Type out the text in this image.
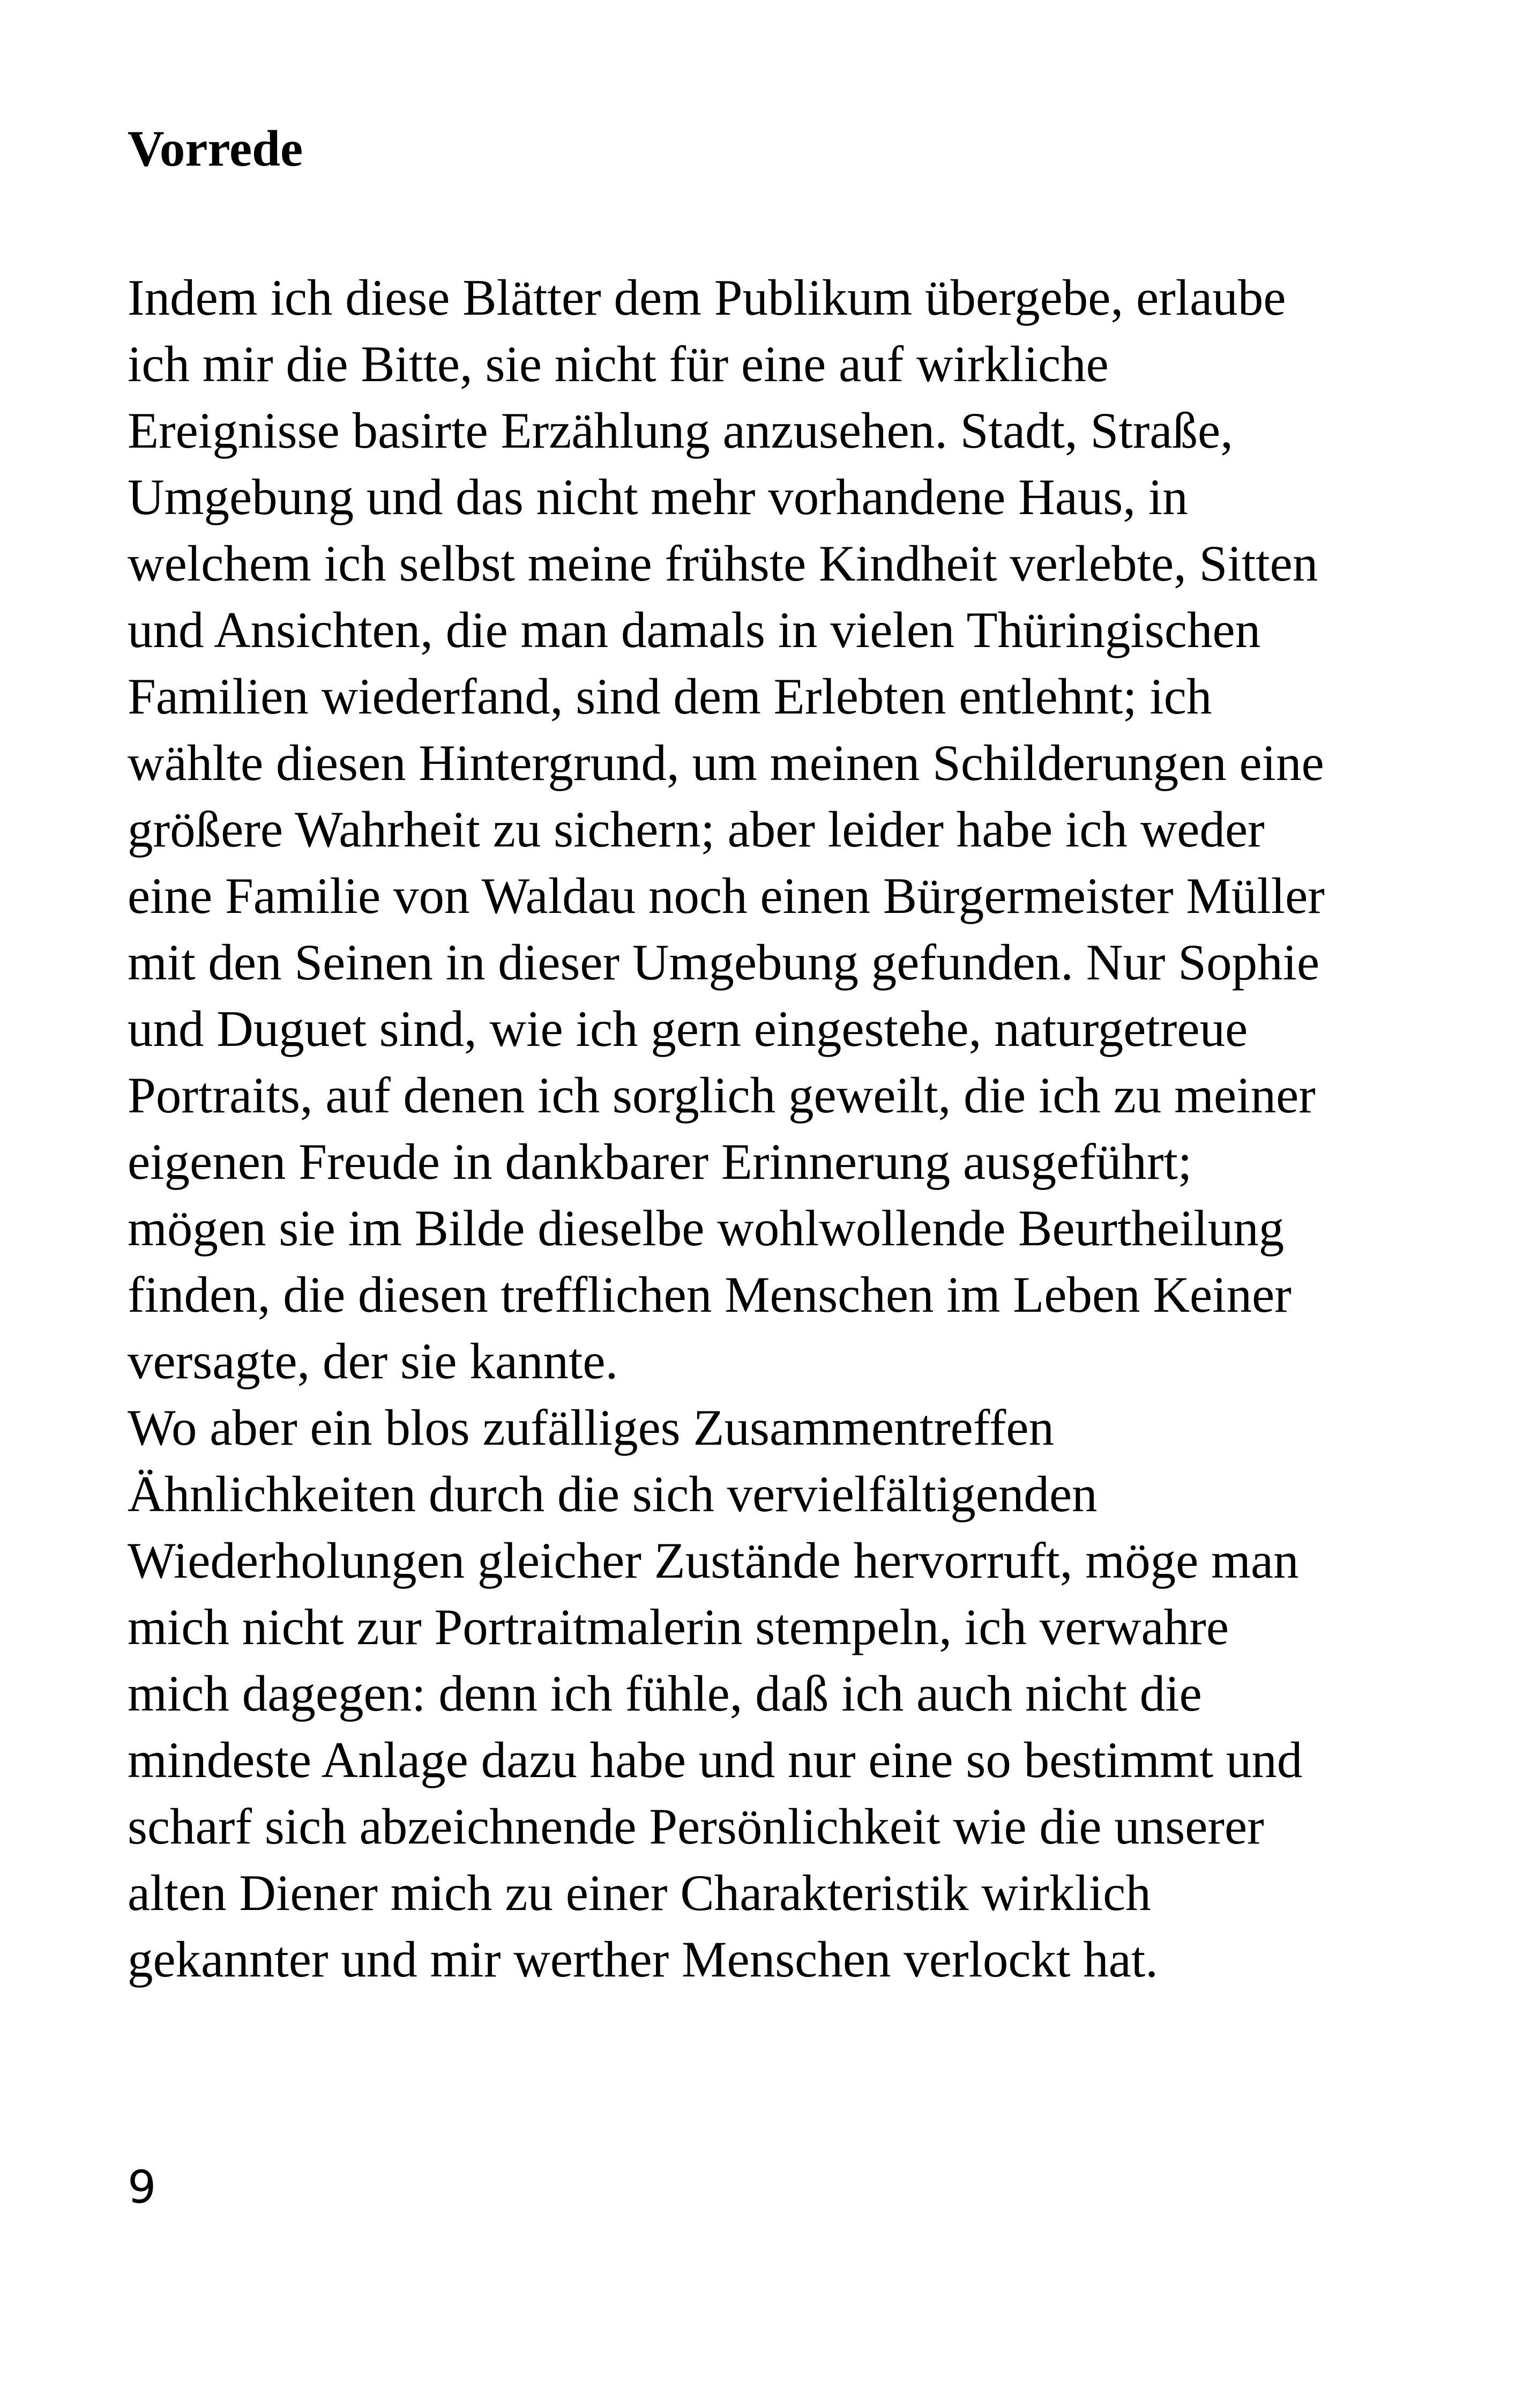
Vorrede
Indem ich diese Blätter dem Publikum übergebe, erlaube
ich mir die Bitte, sie nicht für eine auf wirkliche
Ereignisse basirte Erzählung anzusehen. Stadt, Straße,
Umgebung und das nicht mehr vorhandene Haus, in
welchem ich selbst meine frühste Kindheit verlebte, Sitten
und Ansichten, die man damals in vielen Thüringischen
Familien wiederfand, sind dem Erlebten entlehnt; ich
wählte diesen Hintergrund, um meinen Schilderungen eine
größere Wahrheit zu sichern; aber leider habe ich weder
eine Familie von Waldau noch einen Bürgermeister Müller
mit den Seinen in dieser Umgebung gefunden. Nur Sophie
und Duguet sind, wie ich gern eingestehe, naturgetreue
Portraits, auf denen ich sorglich geweilt, die ich zu meiner
eigenen Freude in dankbarer Erinnerung ausgeführt;
mögen sie im Bilde dieselbe wohlwollende Beurtheilung
finden, die diesen trefflichen Menschen im Leben Keiner
versagte, der sie kannte.
Wo aber ein blos zufälliges Zusammentreffen
Ähnlichkeiten durch die sich vervielfältigenden
Wiederholungen gleicher Zustände hervorruft, möge man
mich nicht zur Portraitmalerin stempeln, ich verwahre
mich dagegen: denn ich fühle, daß ich auch nicht die
mindeste Anlage dazu habe und nur eine so bestimmt und
scharf sich abzeichnende Persönlichkeit wie die unserer
alten Diener mich zu einer Charakteristik wirklich
gekannter und mir werther Menschen verlockt hat.
9
